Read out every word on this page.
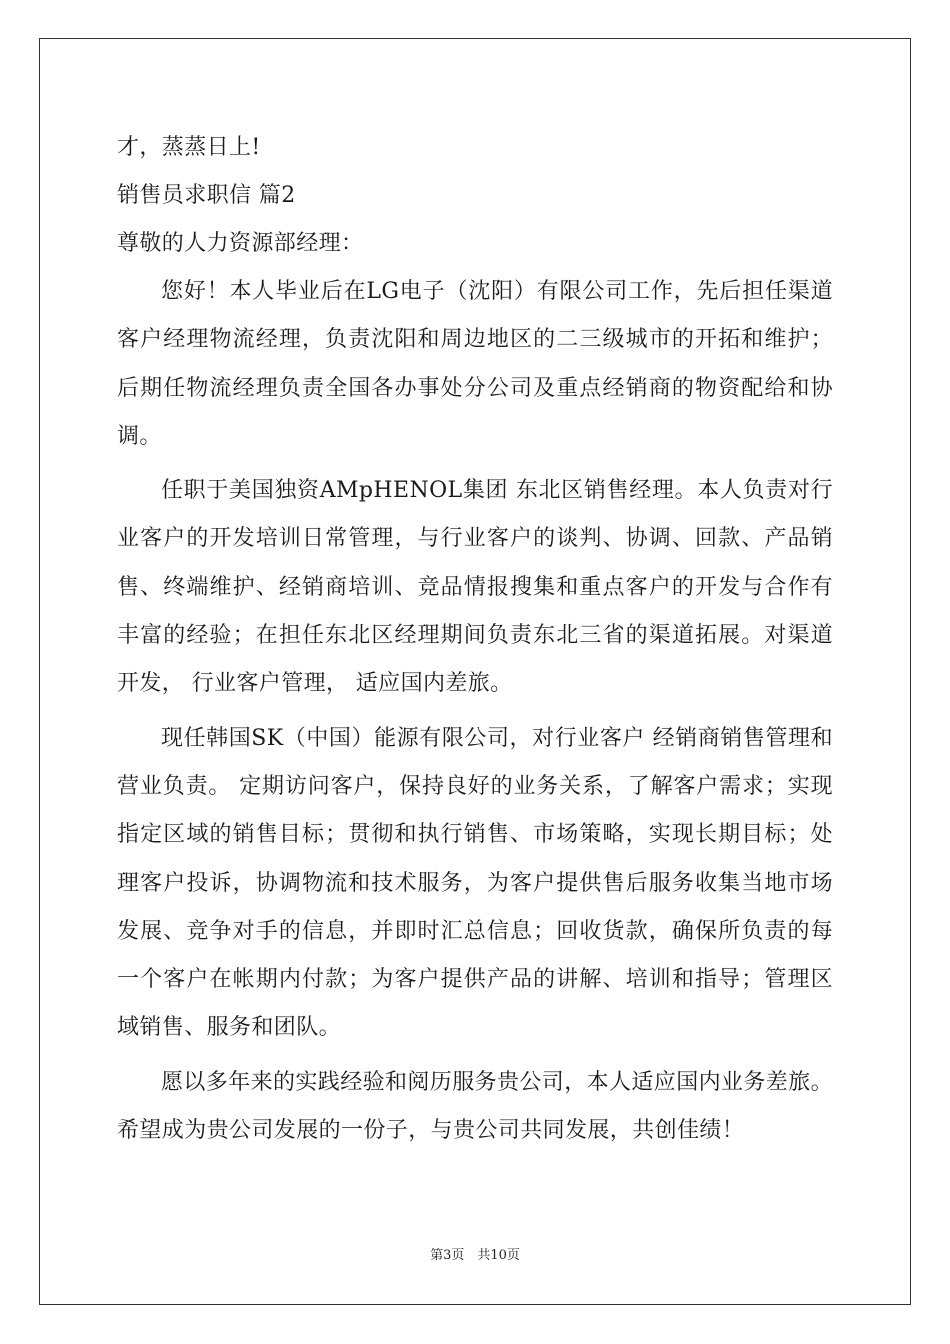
才，蒸蒸日上!

销售员求职信 篇2

尊敬的人力资源部经理：

您好！本人毕业后在LG电子（沈阳）有限公司工作，先后担任渠道 客户经理物流经理，负责沈阳和周边地区的二三级城市的开拓和维护；后期任物流经理负责全国各办事处分公司及重点经销商的物资配给和协调。

任职于美国独资AMpHENOL集团 东北区销售经理。本人负责对行业客户的开发培训日常管理，与行业客户的谈判、协调、回款、产品销售、终端维护、经销商培训、竞品情报搜集和重点客户的开发与合作有丰富的经验；在担任东北区经理期间负责东北三省的渠道拓展。对渠道开发， 行业客户管理， 适应国内差旅。

现任韩国SK（中国）能源有限公司，对行业客户 经销商销售管理和营业负责。 定期访问客户，保持良好的业务关系，了解客户需求；实现指定区域的销售目标；贯彻和执行销售、市场策略，实现长期目标；处理客户投诉，协调物流和技术服务，为客户提供售后服务收集当地市场发展、竞争对手的信息，并即时汇总信息；回收货款，确保所负责的每一个客户在帐期内付款；为客户提供产品的讲解、培训和指导；管理区域销售、服务和团队。

愿以多年来的实践经验和阅历服务贵公司，本人适应国内业务差旅。希望成为贵公司发展的一份子，与贵公司共同发展，共创佳绩！

第3页　共10页
